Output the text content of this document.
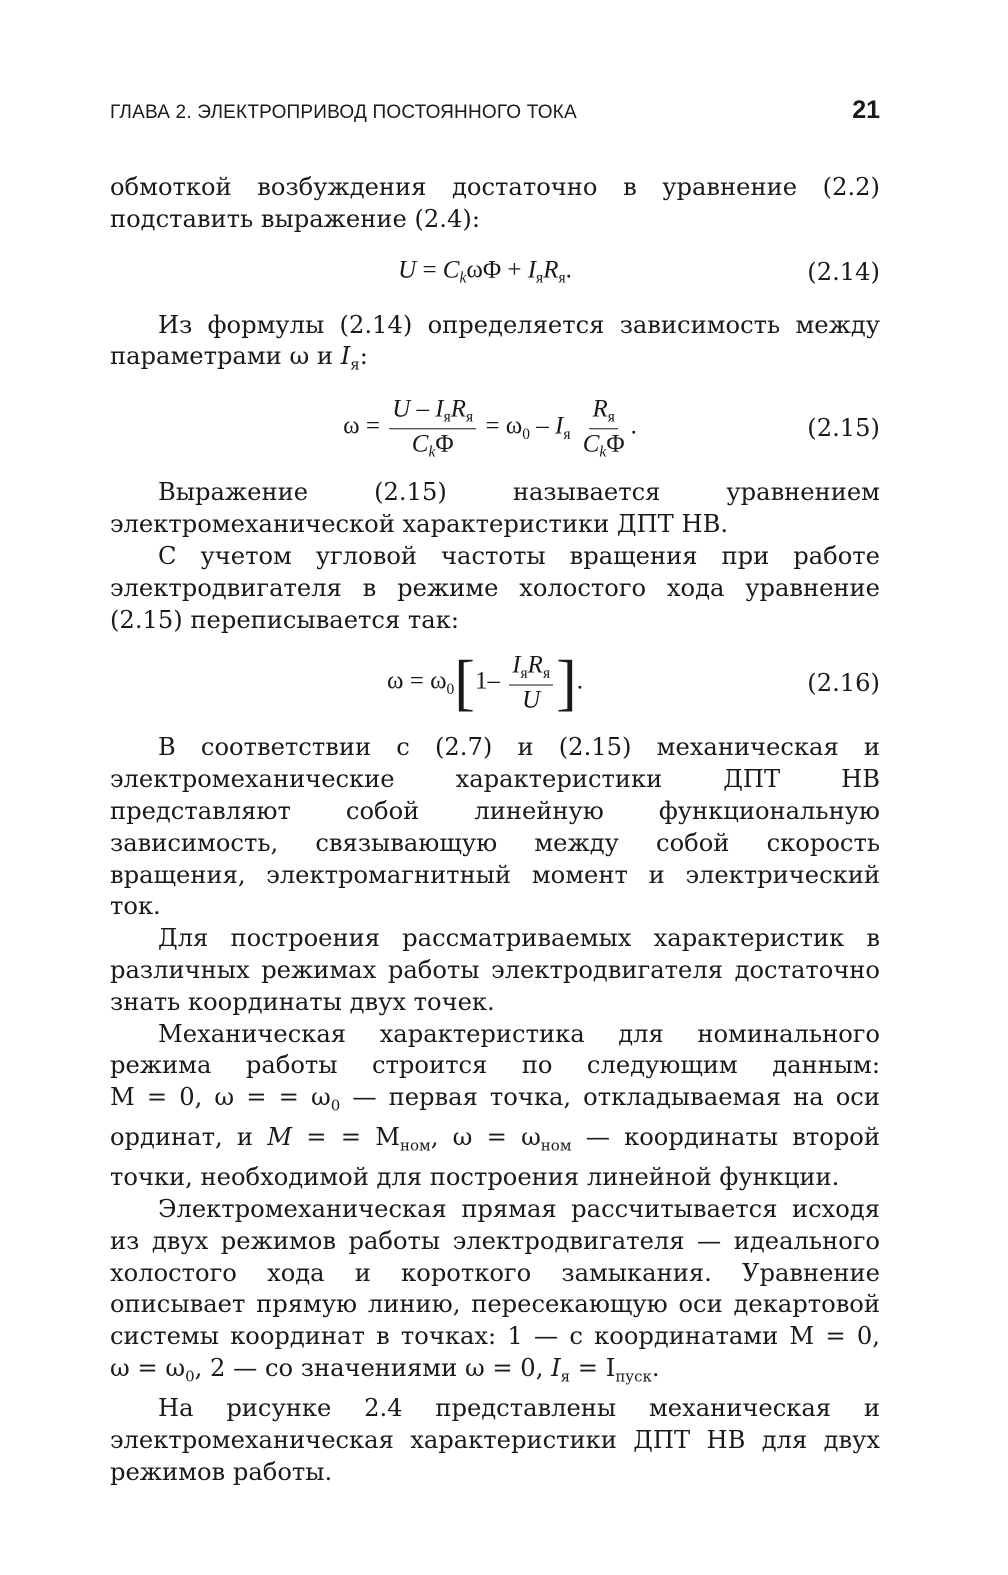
ГЛАВА 2. ЭЛЕКТРОПРИВОД ПОСТОЯННОГО ТОКА	21

обмоткой возбуждения достаточно в уравнение (2.2) подставить выражение (2.4):

$U = C_k\omega\Phi + I_яR_я$.	(2.14)

Из формулы (2.14) определяется зависимость между параметрами ω и $I_я$:

$\omega = \frac{U - I_яR_я}{C_k\Phi} = \omega_0 - I_я \frac{R_я}{C_k\Phi}$ .	(2.15)

Выражение (2.15) называется уравнением электромеханической характеристики ДПТ НВ.

С учетом угловой частоты вращения при работе электродвигателя в режиме холостого хода уравнение (2.15) переписывается так:

$\omega = \omega_0[1- \frac{I_яR_я}{U}$ ].	(2.16)

В соответствии с (2.7) и (2.15) механическая и электромеханические характеристики ДПТ НВ представляют собой линейную функциональную зависимость, связывающую между собой скорость вращения, электромагнитный момент и электрический ток.

Для построения рассматриваемых характеристик в различных режимах работы электродвигателя достаточно знать координаты двух точек.

Механическая характеристика для номинального режима работы строится по следующим данным: M = 0, ω = = $\omega_0$ — первая точка, откладываемая на оси ординат, и M = = $M_{ном}$, $\omega = \omega_{ном}$ — координаты второй точки, необходимой для построения линейной функции.

Электромеханическая прямая рассчитывается исходя из двух режимов работы электродвигателя — идеального холостого хода и короткого замыкания. Уравнение описывает прямую линию, пересекающую оси декартовой системы координат в точках: 1 — с координатами M = 0, $\omega = \omega_0$, 2 — со значениями ω = 0, $I_я = I_{пуск}$.

На рисунке 2.4 представлены механическая и электромеханическая характеристики ДПТ НВ для двух режимов работы.
